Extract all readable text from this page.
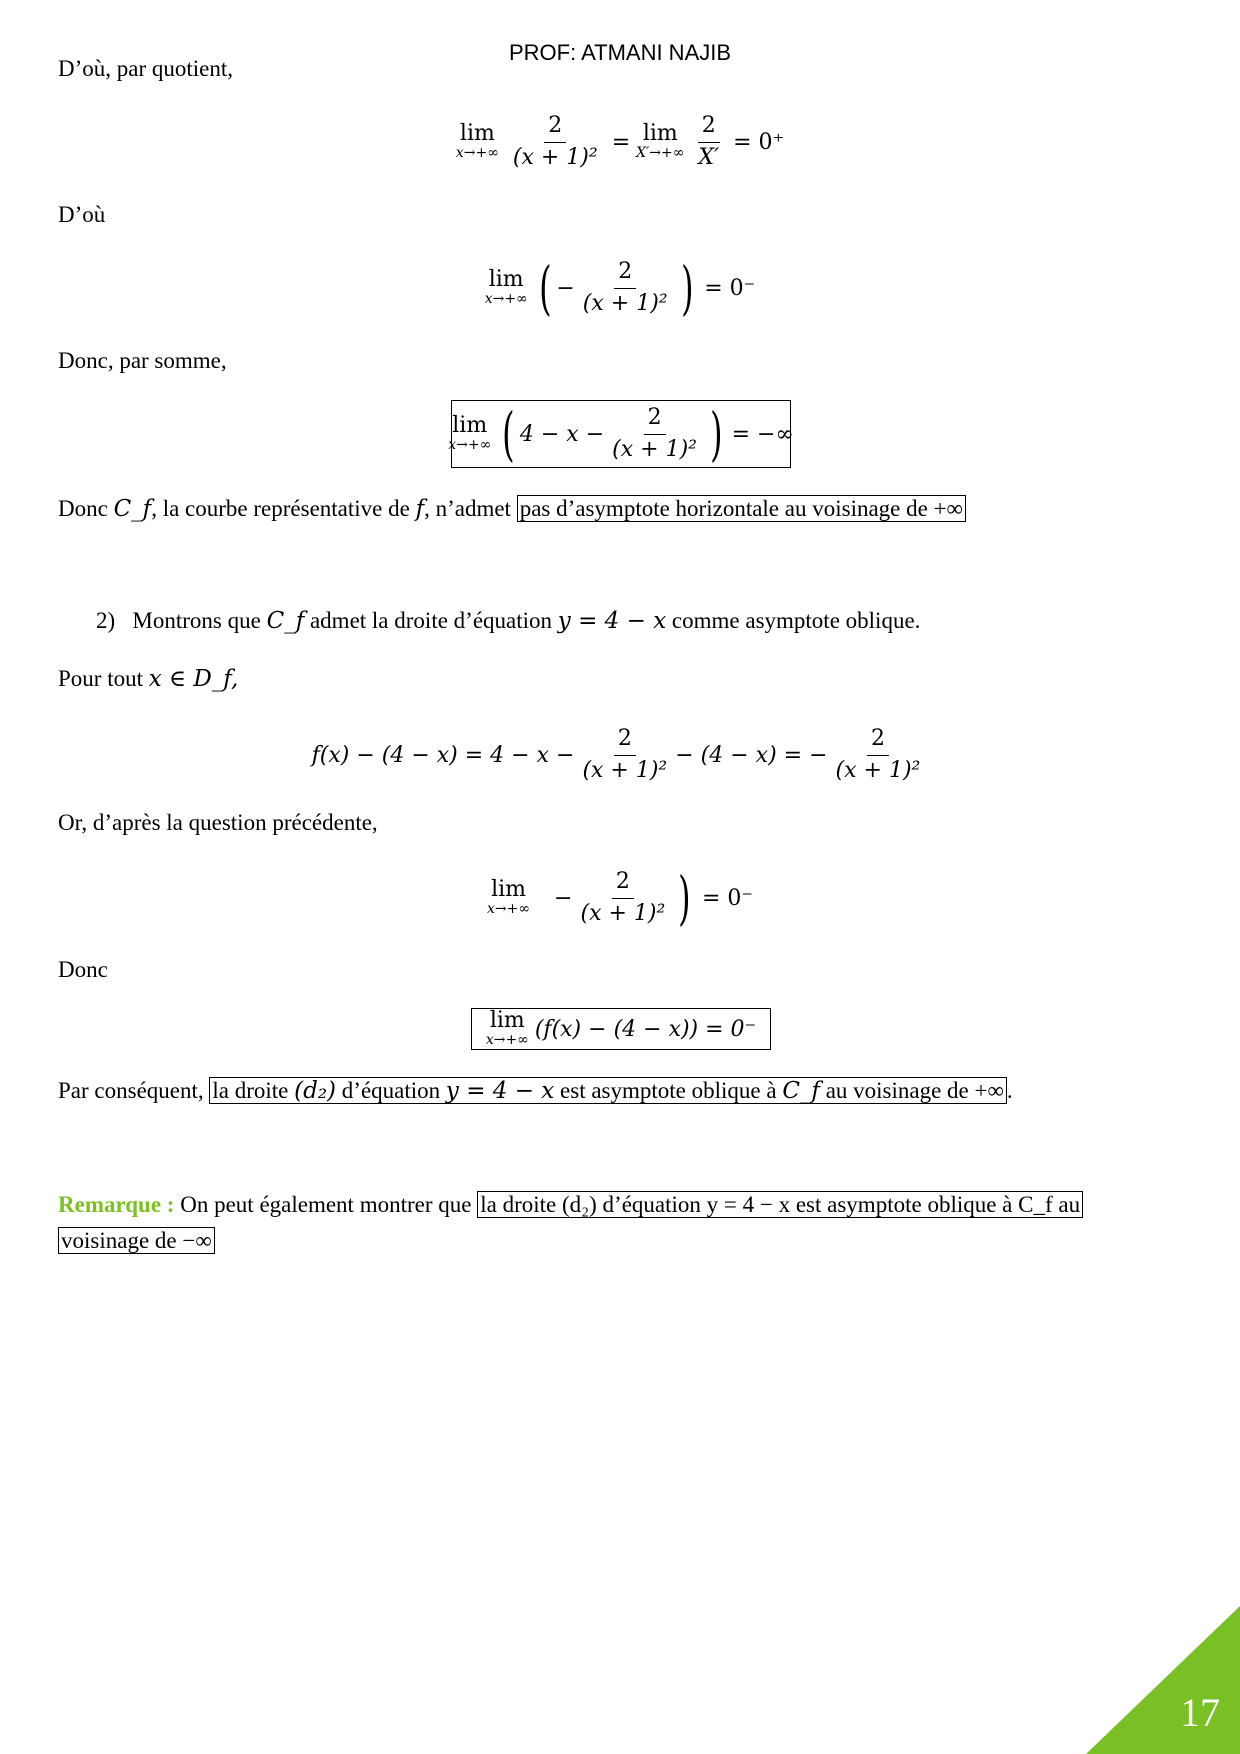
PROF: ATMANI NAJIB
D’où, par quotient,
lim
$x\to+\infty \frac{2}{\text{(x + 1)²}} = \lim$
$X'\to+\infty \frac{2}{X'} = 0^+$
D’où
lim
x→+∞ ( − $\frac{2}{\text{(x + 1)²}}$ ) = 0⁻
Donc, par somme,
lim
x→+∞ ( $4 - x - \frac{2}{\text{(x + 1)²}}$ ) = −∞
Donc C_f, la courbe représentative de f, n’admet pas d’asymptote horizontale au voisinage de +∞
2) Montrons que C_f admet la droite d’équation y = 4 − x comme asymptote oblique.
Pour tout x ∈ D_f,
$f(x) - (4 - x) = 4 - x - \frac{2}{\text{(x + 1)²}} - (4 - x)$ = − $\frac{2}{\text{(x + 1)²}}$
Or, d’après la question précédente,
lim
$x\to+\infty - \frac{2}{\text{(x + 1)²}}$ ) = 0⁻
Donc
lim
x→+∞ (f(x) − (4 − x)) = 0⁻
Par conséquent, la droite (d₂) d’équation y = 4 − x est asymptote oblique à C_f au voisinage de +∞ .
Remarque : On peut également montrer que la droite (d₂) d’équation y = 4 − x est asymptote oblique à C_f au
voisinage de −∞
17
